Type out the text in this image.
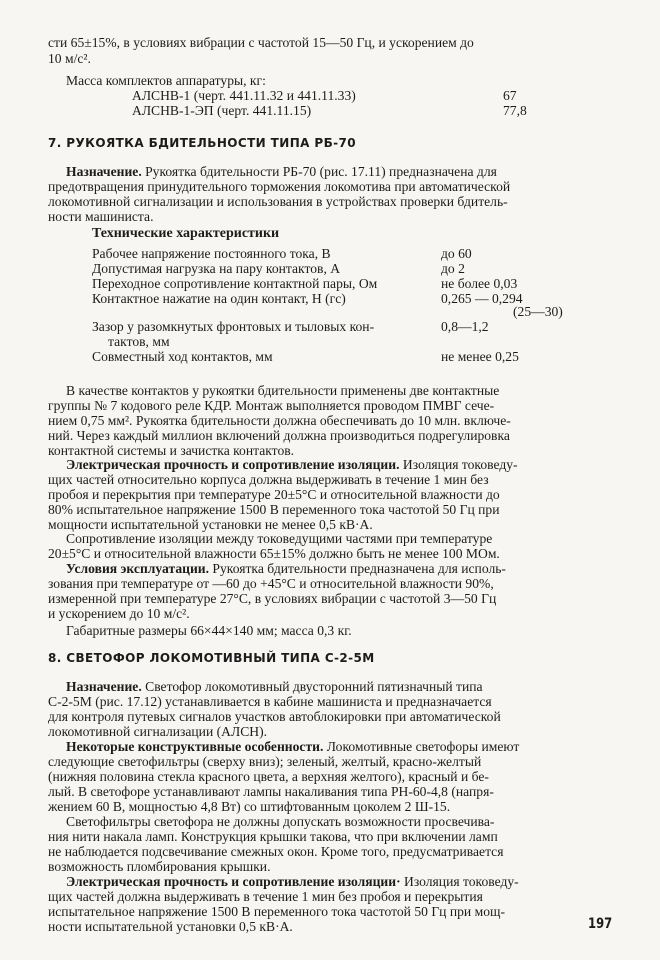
сти 65±15%, в условиях вибрации с частотой 15—50 Гц, и ускорением до
10 м/с².
Масса комплектов аппаратуры, кг:
АЛСНВ-1 (черт. 441.11.32 и 441.11.33)	67
АЛСНВ-1-ЭП (черт. 441.11.15)	77,8
7. РУКОЯТКА БДИТЕЛЬНОСТИ ТИПА РБ-70
Назначение. Рукоятка бдительности РБ-70 (рис. 17.11) предназначена для
предотвращения принудительного торможения локомотива при автоматической
локомотивной сигнализации и использования в устройствах проверки бдитель-
ности машиниста.
Технические характеристики
Рабочее напряжение постоянного тока, В	до 60
Допустимая нагрузка на пару контактов, А	до 2
Переходное сопротивление контактной пары, Ом	не более 0,03
Контактное нажатие на один контакт, Н (гс)	0,265 — 0,294
(25—30)
Зазор у разомкнутых фронтовых и тыловых кон-	0,8—1,2
тактов, мм
Совместный ход контактов, мм	не менее 0,25
В качестве контактов у рукоятки бдительности применены две контактные
группы № 7 кодового реле КДР. Монтаж выполняется проводом ПМВГ сече-
нием 0,75 мм². Рукоятка бдительности должна обеспечивать до 10 млн. включе-
ний. Через каждый миллион включений должна производиться подрегулировка
контактной системы и зачистка контактов.
Электрическая прочность и сопротивление изоляции. Изоляция токоведу-
щих частей относительно корпуса должна выдерживать в течение 1 мин без
пробоя и перекрытия при температуре 20±5°С и относительной влажности до
80% испытательное напряжение 1500 В переменного тока частотой 50 Гц при
мощности испытательной установки не менее 0,5 кВ·А.
Сопротивление изоляции между токоведущими частями при температуре
20±5°С и относительной влажности 65±15% должно быть не менее 100 МОм.
Условия эксплуатации. Рукоятка бдительности предназначена для исполь-
зования при температуре от —60 до +45°С и относительной влажности 90%,
измеренной при температуре 27°С, в условиях вибрации с частотой 3—50 Гц
и ускорением до 10 м/с².
Габаритные размеры 66×44×140 мм; масса 0,3 кг.
8. СВЕТОФОР ЛОКОМОТИВНЫЙ ТИПА С-2-5М
Назначение. Светофор локомотивный двусторонний пятизначный типа
С-2-5М (рис. 17.12) устанавливается в кабине машиниста и предназначается
для контроля путевых сигналов участков автоблокировки при автоматической
локомотивной сигнализации (АЛСН).
Некоторые конструктивные особенности. Локомотивные светофоры имеют
следующие светофильтры (сверху вниз); зеленый, желтый, красно-желтый
(нижняя половина стекла красного цвета, а верхняя желтого), красный и бе-
лый. В светофоре устанавливают лампы накаливания типа РН-60-4,8 (напря-
жением 60 В, мощностью 4,8 Вт) со штифтованным цоколем 2 Ш-15.
Светофильтры светофора не должны допускать возможности просвечива-
ния нити накала ламп. Конструкция крышки такова, что при включении ламп
не наблюдается подсвечивание смежных окон. Кроме того, предусматривается
возможность пломбирования крышки.
Электрическая прочность и сопротивление изоляции· Изоляция токоведу-
щих частей должна выдерживать в течение 1 мин без пробоя и перекрытия
испытательное напряжение 1500 В переменного тока частотой 50 Гц при мощ-
ности испытательной установки 0,5 кВ·А.	197
